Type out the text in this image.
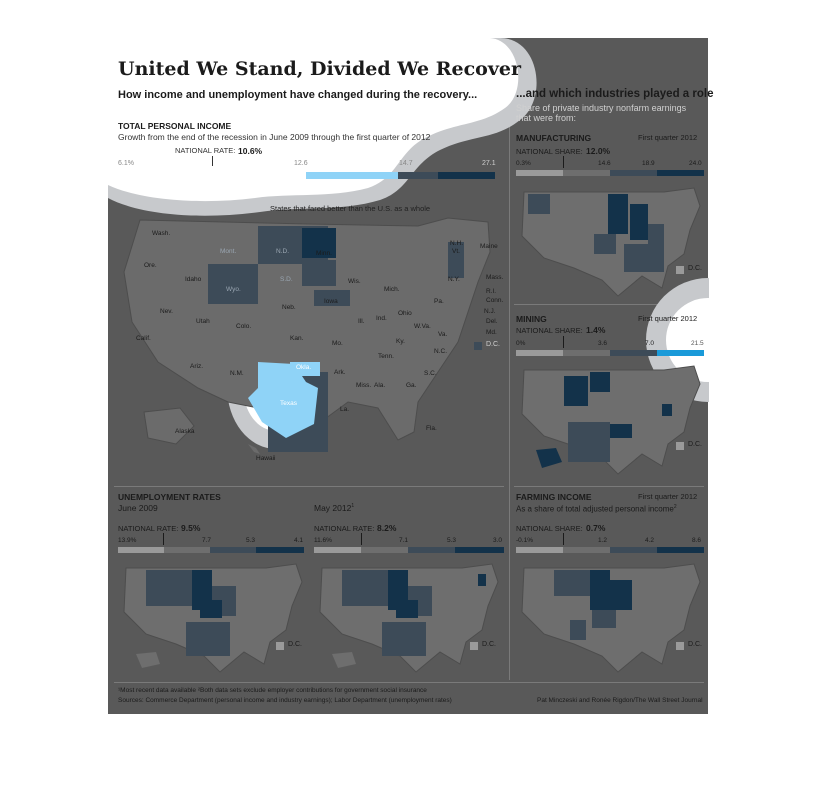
United We Stand, Divided We Recover
How income and unemployment have changed during the recovery...	...and which industries played a role
Share of private industry nonfarm earnings
that were from:
TOTAL PERSONAL INCOME
Growth from the end of the recession in June 2009 through the first quarter of 2012
NATIONAL RATE: 10.6%
6.1%	12.6	14.7	27.1
States that fared better than the U.S. as a whole
D.C.
Wash.
Ore.
Idaho
Mont.	N.D.	Minn.
Wyo.
S.D.	Wis.
Mich.
N.Y.
N.H.
Vt.
Maine
Mass.
R.I.
Conn.
N.J.
Del.
Md.
Nev.
Utah
Colo.
Neb.
Iowa
Ill. Ind.
Ohio
Pa.
W.Va.
Va.
Calif.	Kan.
Mo.	Ky.
N.C.
Tenn.
S.C.
Ariz.
N.M.
Okla.
Ark.
Miss. Ala.	Ga.
Texas
La.
Fla.
Alaska
Hawaii
UNEMPLOYMENT RATES
June 2009	May 2012$^1$
NATIONAL RATE: 9.5%	NATIONAL RATE: 8.2%
13.9%	7.7	5.3	4.1 11.6%	7.1	5.3	3.0
D.C.	D.C.
MANUFACTURING	First quarter 2012
NATIONAL SHARE: 12.0%
0.3%	14.6	18.9	24.0
D.C.
MINING	First quarter 2012
NATIONAL SHARE: 1.4%
0%	3.6	7.0	21.5
D.C.
FARMING INCOME	First quarter 2012
As a share of total adjusted personal income$^2$
NATIONAL SHARE: 0.7%
-0.1%	1.2	4.2	8.6
D.C.
¹Most recent data available ²Both data sets exclude employer contributions for government social insurance
Sources: Commerce Department (personal income and industry earnings); Labor Department (unemployment rates)	Pat Minczeski and Ronée Rigdon/The Wall Street Journal
